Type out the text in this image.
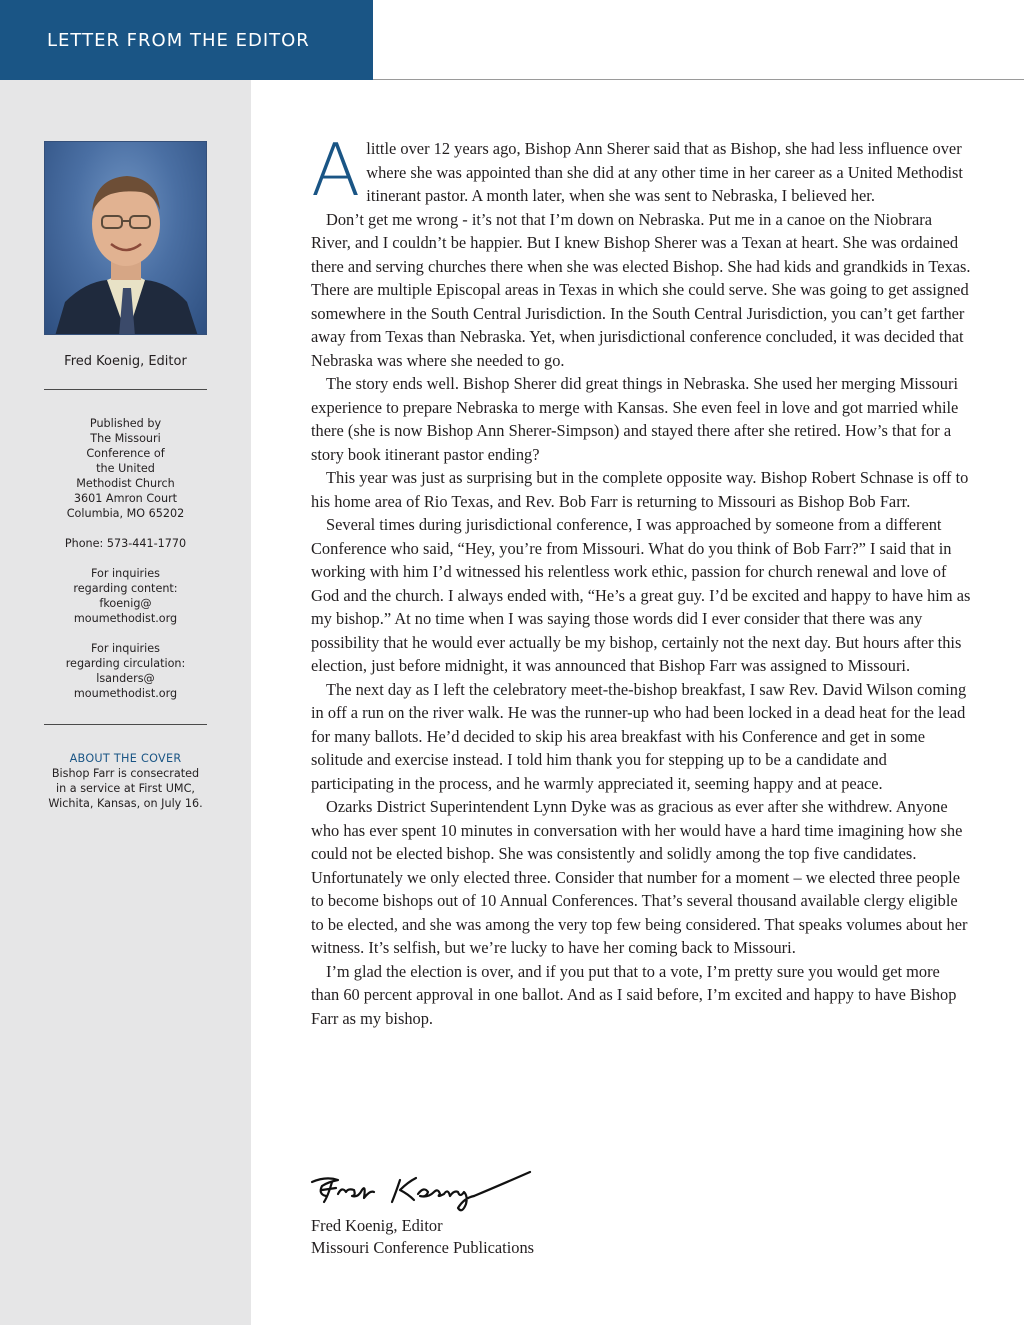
LETTER FROM THE EDITOR
Fred Koenig, Editor
Published by
The Missouri
Conference of
the United
Methodist Church
3601 Amron Court
Columbia, MO 65202
Phone: 573-441-1770
For inquiries
regarding content:
fkoenig@
moumethodist.org
For inquiries
regarding circulation:
lsanders@
moumethodist.org
ABOUT THE COVER
Bishop Farr is consecrated
in a service at First UMC,
Wichita, Kansas, on July 16.

A little over 12 years ago, Bishop Ann Sherer said that as Bishop, she had less influence over where she was appointed than she did at any other time in her career as a United Methodist itinerant pastor. A month later, when she was sent to Nebraska, I believed her.

Don’t get me wrong - it’s not that I’m down on Nebraska. Put me in a canoe on the Niobrara River, and I couldn’t be happier. But I knew Bishop Sherer was a Texan at heart. She was ordained there and serving churches there when she was elected Bishop. She had kids and grandkids in Texas. There are multiple Episcopal areas in Texas in which she could serve. She was going to get assigned somewhere in the South Central Jurisdiction. In the South Central Jurisdiction, you can’t get farther away from Texas than Nebraska. Yet, when jurisdictional conference concluded, it was decided that Nebraska was where she needed to go.

The story ends well. Bishop Sherer did great things in Nebraska. She used her merging Missouri experience to prepare Nebraska to merge with Kansas. She even feel in love and got married while there (she is now Bishop Ann Sherer-Simpson) and stayed there after she retired. How’s that for a story book itinerant pastor ending?

This year was just as surprising but in the complete opposite way. Bishop Robert Schnase is off to his home area of Rio Texas, and Rev. Bob Farr is returning to Missouri as Bishop Bob Farr.

Several times during jurisdictional conference, I was approached by someone from a different Conference who said, “Hey, you’re from Missouri. What do you think of Bob Farr?” I said that in working with him I’d witnessed his relentless work ethic, passion for church renewal and love of God and the church. I always ended with, “He’s a great guy. I’d be excited and happy to have him as my bishop.” At no time when I was saying those words did I ever consider that there was any possibility that he would ever actually be my bishop, certainly not the next day. But hours after this election, just before midnight, it was announced that Bishop Farr was assigned to Missouri.

The next day as I left the celebratory meet-the-bishop breakfast, I saw Rev. David Wilson coming in off a run on the river walk. He was the runner-up who had been locked in a dead heat for the lead for many ballots. He’d decided to skip his area breakfast with his Conference and get in some solitude and exercise instead. I told him thank you for stepping up to be a candidate and participating in the process, and he warmly appreciated it, seeming happy and at peace.

Ozarks District Superintendent Lynn Dyke was as gracious as ever after she withdrew. Anyone who has ever spent 10 minutes in conversation with her would have a hard time imagining how she could not be elected bishop. She was consistently and solidly among the top five candidates. Unfortunately we only elected three. Consider that number for a moment – we elected three people to become bishops out of 10 Annual Conferences. That’s several thousand available clergy eligible to be elected, and she was among the very top few being considered. That speaks volumes about her witness. It’s selfish, but we’re lucky to have her coming back to Missouri.

I’m glad the election is over, and if you put that to a vote, I’m pretty sure you would get more than 60 percent approval in one ballot. And as I said before, I’m excited and happy to have Bishop Farr as my bishop.

Fred Koenig, Editor
Missouri Conference Publications
